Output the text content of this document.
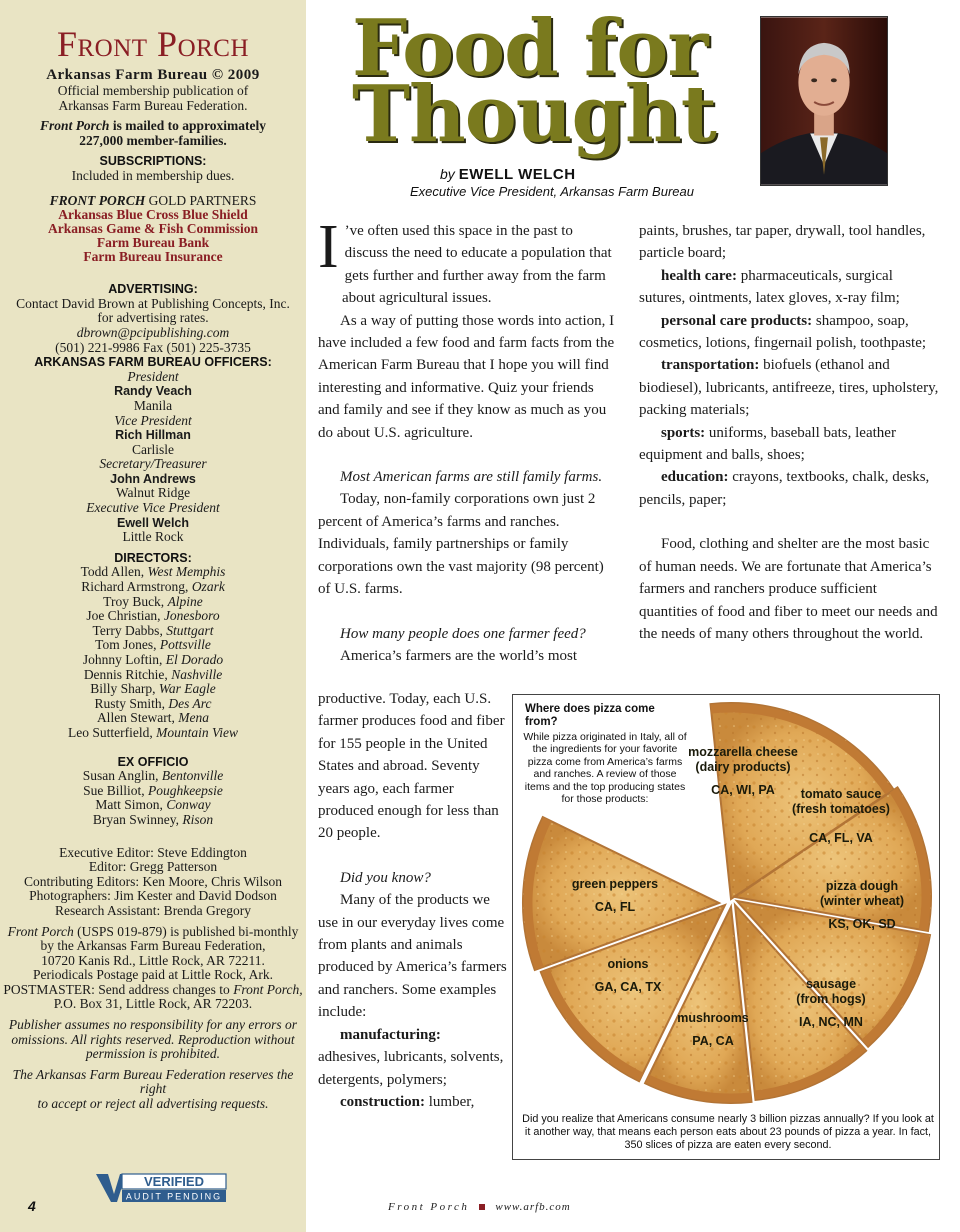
Front Porch
Arkansas Farm Bureau © 2009
Official membership publication of
Arkansas Farm Bureau Federation.
Front Porch is mailed to approximately
227,000 member-families.
SUBSCRIPTIONS:
Included in membership dues.
FRONT PORCH GOLD PARTNERS
Arkansas Blue Cross Blue Shield
Arkansas Game & Fish Commission
Farm Bureau Bank
Farm Bureau Insurance
ADVERTISING:
Contact David Brown at Publishing Concepts, Inc.
for advertising rates.
dbrown@pcipublishing.com
(501) 221-9986 Fax (501) 225-3735
ARKANSAS FARM BUREAU OFFICERS:
President
Randy Veach
Manila
Vice President
Rich Hillman
Carlisle
Secretary/Treasurer
John Andrews
Walnut Ridge
Executive Vice President
Ewell Welch
Little Rock
DIRECTORS:
Todd Allen, West Memphis
Richard Armstrong, Ozark
Troy Buck, Alpine
Joe Christian, Jonesboro
Terry Dabbs, Stuttgart
Tom Jones, Pottsville
Johnny Loftin, El Dorado
Dennis Ritchie, Nashville
Billy Sharp, War Eagle
Rusty Smith, Des Arc
Allen Stewart, Mena
Leo Sutterfield, Mountain View
EX OFFICIO
Susan Anglin, Bentonville
Sue Billiot, Poughkeepsie
Matt Simon, Conway
Bryan Swinney, Rison
Executive Editor: Steve Eddington
Editor: Gregg Patterson
Contributing Editors: Ken Moore, Chris Wilson
Photographers: Jim Kester and David Dodson
Research Assistant: Brenda Gregory
Front Porch (USPS 019-879) is published bi-monthly
by the Arkansas Farm Bureau Federation,
10720 Kanis Rd., Little Rock, AR 72211.
Periodicals Postage paid at Little Rock, Ark.
POSTMASTER: Send address changes to Front Porch,
P.O. Box 31, Little Rock, AR 72203.
Publisher assumes no responsibility for any errors or
omissions. All rights reserved. Reproduction without
permission is prohibited.
The Arkansas Farm Bureau Federation reserves the right
to accept or reject all advertising requests.
VERIFIED
AUDIT PENDING
4
Food for
Thought
by EWELL WELCH
Executive Vice President, Arkansas Farm Bureau

I ’ve often used this space in the past to discuss the need to educate a population that gets further and further away from the farm about agricultural issues.

As a way of putting those words into action, I have included a few food and farm facts from the American Farm Bureau that I hope you will find interesting and informative. Quiz your friends and family and see if they know as much as you do about U.S. agriculture.

Most American farms are still family farms.

Today, non-family corporations own just 2 percent of America’s farms and ranches. Individuals, family partnerships or family corporations own the vast majority (98 percent) of U.S. farms.

How many people does one farmer feed?

America’s farmers are the world’s most

productive. Today, each U.S. farmer produces food and fiber for 155 people in the United States and abroad. Seventy years ago, each farmer produced enough for less than 20 people.

Did you know?

Many of the products we use in our everyday lives come from plants and animals produced by America’s farmers and ranchers. Some examples include:

manufacturing:

adhesives, lubricants, solvents, detergents, polymers;

construction: lumber,

paints, brushes, tar paper, drywall, tool handles, particle board;

health care: pharmaceuticals, surgical sutures, ointments, latex gloves, x-ray film;

personal care products: shampoo, soap, cosmetics, lotions, fingernail polish, toothpaste;

transportation: biofuels (ethanol and biodiesel), lubricants, antifreeze, tires, upholstery, packing materials;

sports: uniforms, baseball bats, leather equipment and balls, shoes;

education: crayons, textbooks, chalk, desks, pencils, paper;

Food, clothing and shelter are the most basic of human needs. We are fortunate that America’s farmers and ranchers produce sufficient quantities of food and fiber to meet our needs and the needs of many others throughout the world.

Where does pizza come from?
While pizza originated in Italy, all of the ingredients for your favorite pizza come from America’s farms and ranches. A review of those items and the top producing states for those products:
mozzarella cheese
(dairy products)
CA, WI, PA	tomato sauce
(fresh tomatoes)
CA, FL, VA
pizza dough
(winter wheat)
KS, OK, SD
sausage
(from hogs)
IA, NC, MN
mushrooms
PA, CA
onions
GA, CA, TX
green peppers
CA, FL
Did you realize that Americans consume nearly 3 billion pizzas annually? If you look at it another way, that means each person eats about 23 pounds of pizza a year. In fact, 350 slices of pizza are eaten every second.
Front Porch www.arfb.com
